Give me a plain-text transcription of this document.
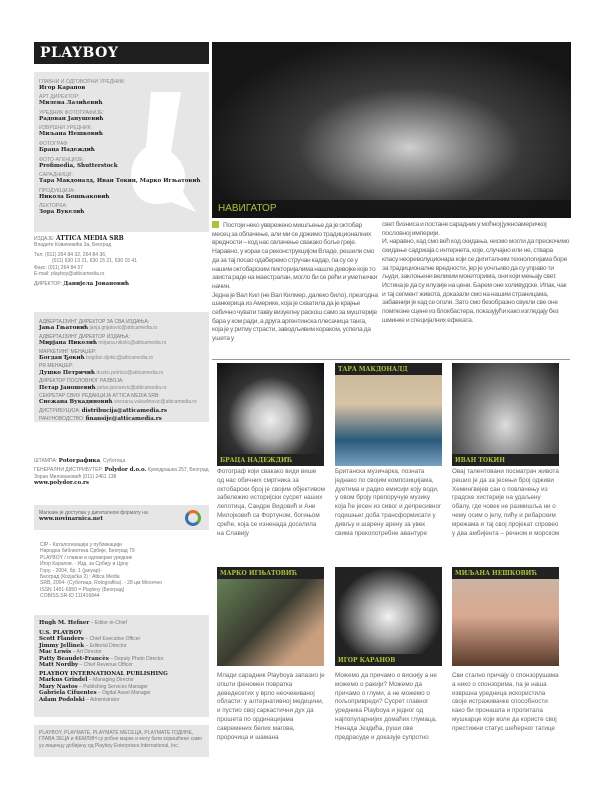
PLAYBOY
ГЛАВНИ И ОДГОВОРНИ УРЕДНИК:
Игор Карапов
АРТ ДИРЕКТОР:
Милена Лазићевић
УРЕДНИК ФОТОГРАФИЈЕ:
Радован Јанушевић
ИЗВРШНИ УРЕДНИК:
Миљана Нешковић
ФОТОГРАФ:
Браца Надеждић
ФОТО-АГЕНЦИЈЕ:
Profimedia, Shutterstock
САРАДНИЦИ:
Тара Макдоналд, Иван Токин, Марко Игњатовић
ПРОДУКЦИЈА:
Никола Бошњаковић
ЛЕКТОРКА:
Зора Вукелић
ИЗДАЈЕ: ATTICA MEDIA SRB
Владете Ковачевића 3а, Београд
Тел: (011) 264 84 32, 264 84 36,
(011) 630 13 21, 630 15 21, 630 15 41
Факс: (011) 264 84 57
E-mail: playboy@atticamedia.rs
ДИРЕКТОР: Данијела Јовановић
АДВЕРТАЈЗИНГ ДИРЕКТОР ЗА СВА ИЗДАЊА:
Јања Гњатовић janja.gnjatovic@atticamedia.rs
АДВЕРТАЈЗИНГ ДИРЕКТОР ИЗДАЊА:
Мирјана Николић mirjana.nikolic@atticamedia.rs
МАРКЕТИНГ МЕНАЏЕР:
Богдан Ђокић bogdan.djokic@atticamedia.rs
PR МЕНАЏЕР:
Душко Петричић dusko.petricic@atticamedia.rs
ДИРЕКТОР ПОСЛОВНОГ РАЗВОЈА:
Петар Јаношевић petar.janosevic@atticamedia.rs
СЕКРЕТАР СВИХ РЕДАКЦИЈА ATTICA MEDIA SRB:
Снежана Вукадиновић snezana.vukadinovic@atticamedia.rs
ДИСТРИБУЦИЈА: distribucija@atticamedia.rs
РАЧУНОВОДСТВО: finansije@atticamedia.rs
ШТАМПА: Рotoграфика, Суботица
ГЕНЕРАЛНИ ДИСТРИБУТЕР: Polydor d.o.o. Кумодрашка 257, Београд
Зоран Миловановић (011) 2461 138
www.polydor.co.rs
Магазин је доступан у дигиталном формату на
www.novinarnica.net
CIP - Каталогизација у публикацији
Народна библиотека Србије, Београд 79
PLAYBOY / главни и одговорни уредник
Игор Карапов. - Изд. за Србију и Црну
Гору. - 2004, бр. 1 (јануар)-
Београд (Кozjačka 2) : Attica Media
SRB, 2004- (Суботица, Rotografika). - 28 цм Месечно
ISSN 1451-6950 = Playboy (Београд)
COBISS.SR-ID 111416844
Hugh M. Hefner – Editor-in-Chief
U.S. PLAYBOY
Scott Flanders – Chief Executive Officer
Jimmy Jellinek – Editorial Director
Mac Lewis – Art Director
Patty Beaudet-Francès – Deputy Photo Director
Matt Nordby – Chief Revenue Officer
PLAYBOY INTERNATIONAL PUBLISHING
Markus Grindel – Managing Director
Mary Nastos – Publishing Services Manager
Gabriela Cifuentes – Digital Asset Manager
Adam Podolski – Administrator
PLAYBOY, PLAYMATE, PLAYMATE МЕСЕЦА, PLAYMATE ГОДИНЕ, ГЛАВА ЗЕЦА и ФЕМЛИН су робне марке и могу бити коришћене само уз лиценцу добијену од Playboy Enterprises International, Inc.
НАВИГАТОР

Постоји неко увврежено мишљење да је октобар месец за облачење, али ми се држимо традиционалних вредности – код нас свлачење свакако боље греје. Наравно, у корак са реконструкцијом Владе, решили смо да за тај посао одаберемо стручан кадар, па су се у нашим октобарским пикторијалима нашле девојке које то заиста раде на маестралан, могло би се рећи и уметнички начин.

Једна је Вал Кил (не Вал Килмер, далеко било), презгодна шанкерица из Америке, која је схватила да је крајње себично чувати такву визуелну раскош само за муштерије бара у ком ради, а друга аргентинска плесачица танга, која је у ритму страсти, заводљивим кораком, успела да ушета у

свет бизниса и постане сарадник у моћној јужноамеричкој пословној империји.

И, наравно, кад смо већ код скидања, нисмо могли да прескочимо скидање садржаја с интернета, које, случајно или не, ствара класу неореволуционара који се дигиталним технологијама боре за традиционалне вредности, јер је уочљиво да су управо ти људи, заклоњени великим мониторима, они који мењају свет.

Истина је да су илузије на цени. Барем оне холивудске. Ипак, чак и тај сегмент живота, доказали смо на нашим страницама, забавнији је кад се оголи. Зато смо безобразно свукли све оне помпезне сцене из блокбастера, показујући како изгледају без шминке и специјалних ефеката.

БРАЦА НАДЕЖДИЋ
Фотограф који свакако види више од нас обичних смртника за октобарски број је својим објективом забележио историјски сусрет наших лепотица, Сандре Видовић и Ане Милојковић са Фортуном, богињом среће, која се изненада доселила на Славију
ТАРА МАКДОНАЛД
Британска музичарка, позната једнако по својим композицијама, дуетима и радио емисији коју води, у овом броју препоручује музику која ће јесен из сивог и депресивног годишњег доба трансформисати у дивљу и шарену арену за увек свима прекопотребне авантуре
ИВАН ТОКИН
Овај талентовани посматрач живота решио је да за јесењи број одживи Хемингвејев сан о повлачењу из градске хистерије на удаљену обалу, где човек не размишља ни о чему осим о јелу, пићу и рибарским мрежама и тај свој пројекат спровео у два амбијента – речном и морском
МАРКО ИГЊАТОВИЋ
Млади сарадник Playboya запазио је општи феномен повратка деведесетих у врло неочекиваној области: у алтернативној медицини, и пустио свој саркастични дух да прошета по ординацијама савремених белих магова, пророчица и шамана
ИГОР КАРАНОВ
Можемо да причамо о вискију а не можемо о ракији? Можемо да причамо о глуми, а не можемо о пољопривреди? Сусрет главног уредника Playboya и једног од најпопуларнијих домаћих глумаца, Ненада Јездића, руши ове предрасуде и доказује супротно
МИЉАНА НЕШКОВИЋ
Сви стално причају о спонзорушама а нико о спонзорима, па је наша извршна уредница искористила своје истраживачке способности како би пронашла и пропитала мушкарце који воле да користе свој престижни статус шећерног татице
